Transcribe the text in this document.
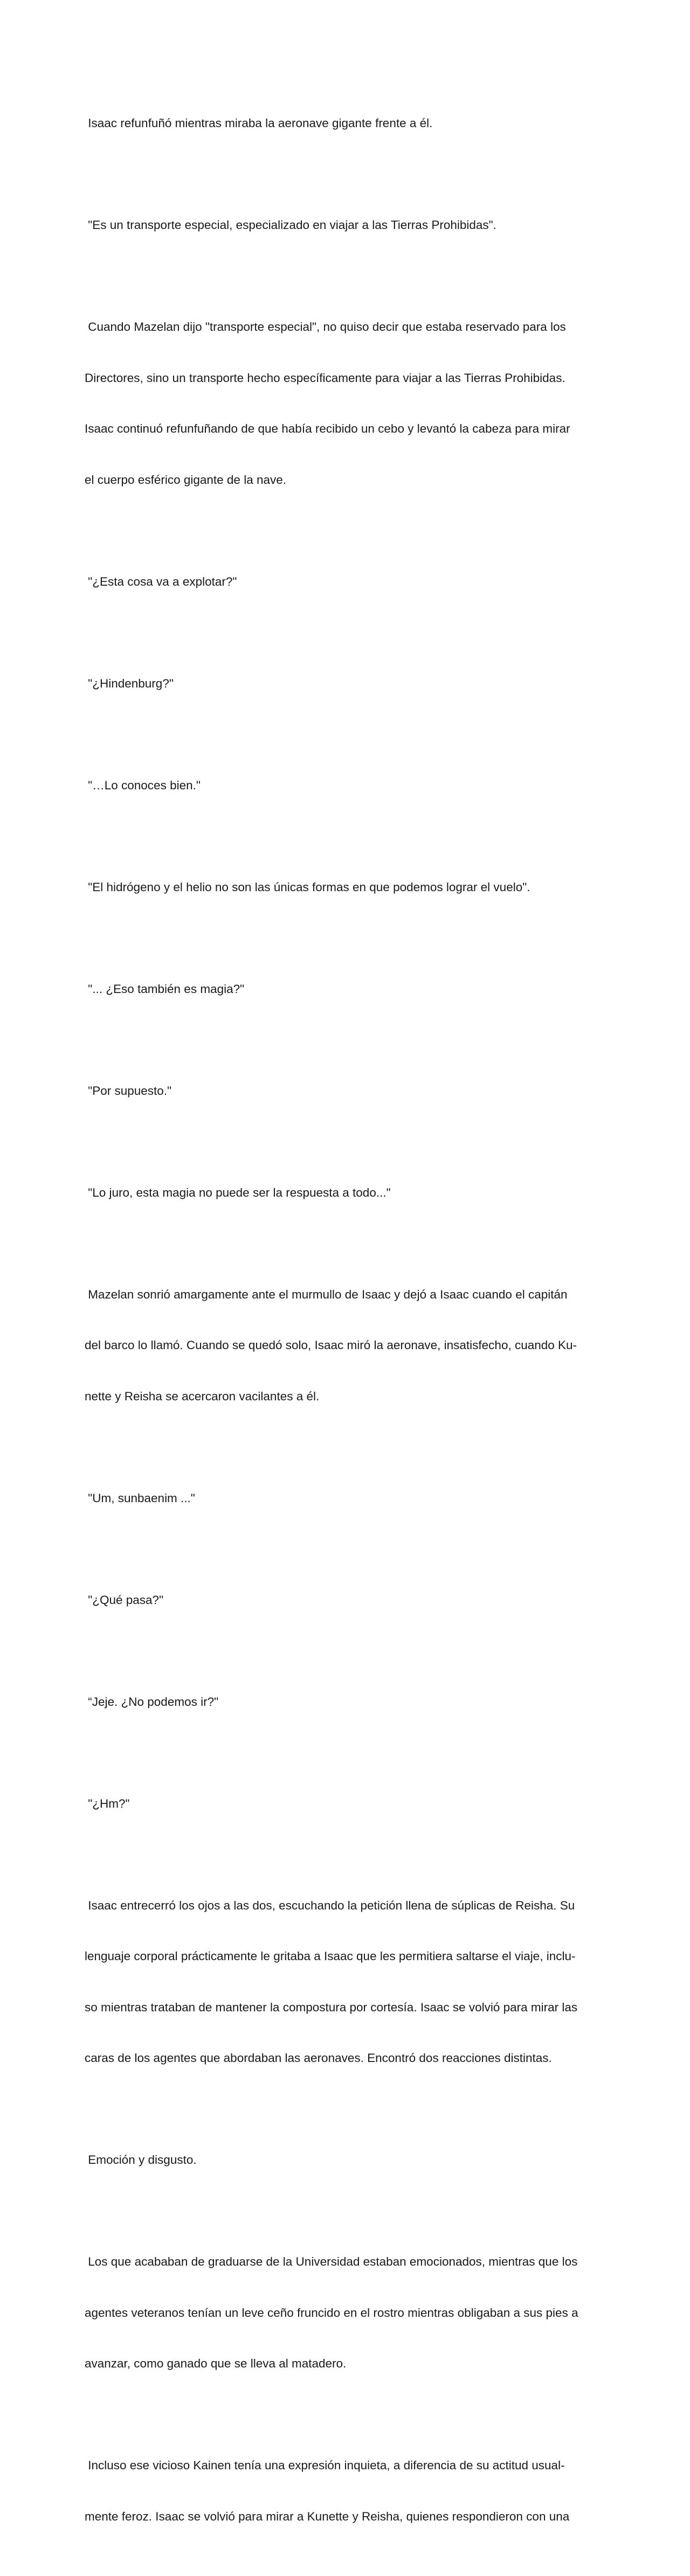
Isaac refunfuñó mientras miraba la aeronave gigante frente a él.

"Es un transporte especial, especializado en viajar a las Tierras Prohibidas".

Cuando Mazelan dijo "transporte especial", no quiso decir que estaba reservado para los

Directores, sino un transporte hecho específicamente para viajar a las Tierras Prohibidas.

Isaac continuó refunfuñando de que había recibido un cebo y levantó la cabeza para mirar

el cuerpo esférico gigante de la nave.

"¿Esta cosa va a explotar?"

"¿Hindenburg?"

"…Lo conoces bien."

"El hidrógeno y el helio no son las únicas formas en que podemos lograr el vuelo".

"... ¿Eso también es magia?"

"Por supuesto."

"Lo juro, esta magia no puede ser la respuesta a todo..."

Mazelan sonrió amargamente ante el murmullo de Isaac y dejó a Isaac cuando el capitán

del barco lo llamó. Cuando se quedó solo, Isaac miró la aeronave, insatisfecho, cuando Ku-

nette y Reisha se acercaron vacilantes a él.

"Um, sunbaenim ..."

"¿Qué pasa?"

“Jeje. ¿No podemos ir?"

"¿Hm?"

Isaac entrecerró los ojos a las dos, escuchando la petición llena de súplicas de Reisha. Su

lenguaje corporal prácticamente le gritaba a Isaac que les permitiera saltarse el viaje, inclu-

so mientras trataban de mantener la compostura por cortesía. Isaac se volvió para mirar las

caras de los agentes que abordaban las aeronaves. Encontró dos reacciones distintas.

Emoción y disgusto.

Los que acababan de graduarse de la Universidad estaban emocionados, mientras que los

agentes veteranos tenían un leve ceño fruncido en el rostro mientras obligaban a sus pies a

avanzar, como ganado que se lleva al matadero.

Incluso ese vicioso Kainen tenía una expresión inquieta, a diferencia de su actitud usual-

mente feroz. Isaac se volvió para mirar a Kunette y Reisha, quienes respondieron con una
